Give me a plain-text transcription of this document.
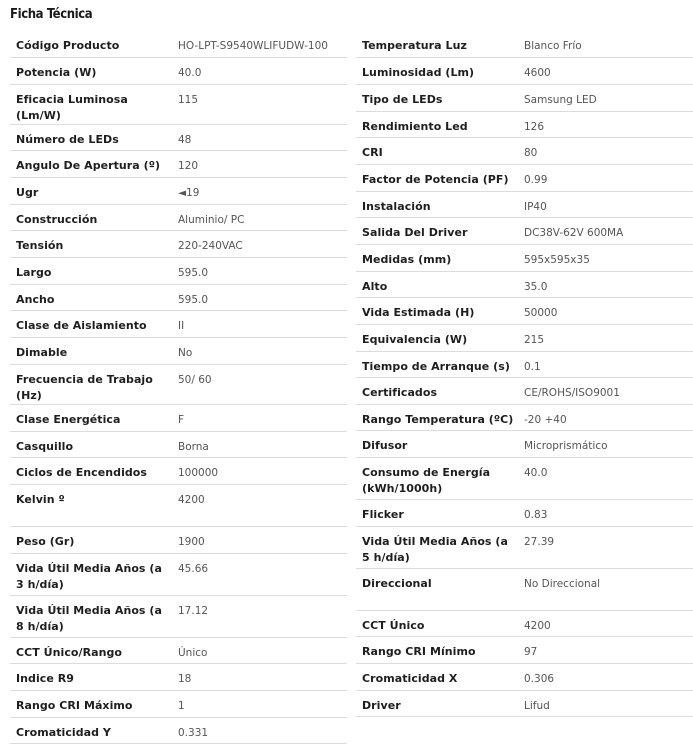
Ficha Técnica
Código Producto	HO-LPT-S9540WLIFUDW-100
Potencia (W)	40.0
Eficacia Luminosa (Lm/W)	115
Número de LEDs	48
Angulo De Apertura (º)	120
Ugr	◄19
Construcción	Aluminio/ PC
Tensión	220-240VAC
Largo	595.0
Ancho	595.0
Clase de Aislamiento	II
Dimable	No
Frecuencia de Trabajo (Hz)	50/ 60
Clase Energética	F
Casquillo	Borna
Ciclos de Encendidos	100000
Kelvin º	4200
Peso (Gr)	1900
Vida Útil Media Años (a 3 h/día)	45.66
Vida Útil Media Años (a 8 h/día)	17.12
CCT Único/Rango	Único
Indice R9	18
Rango CRI Máximo	1
Cromaticidad Y	0.331
Temperatura Luz	Blanco Frío
Luminosidad (Lm)	4600
Tipo de LEDs	Samsung LED
Rendimiento Led	126
CRI	80
Factor de Potencia (PF)	0.99
Instalación	IP40
Salida Del Driver	DC38V-62V 600MA
Medidas (mm)	595x595x35
Alto	35.0
Vida Estimada (H)	50000
Equivalencia (W)	215
Tiempo de Arranque (s)	0.1
Certificados	CE/ROHS/ISO9001
Rango Temperatura (ºC)	-20 +40
Difusor	Microprismático
Consumo de Energía (kWh/1000h)	40.0
Flicker	0.83
Vida Útil Media Años (a 5 h/día)	27.39
Direccional	No Direccional
CCT Único	4200
Rango CRI Mínimo	97
Cromaticidad X	0.306
Driver	Lifud
